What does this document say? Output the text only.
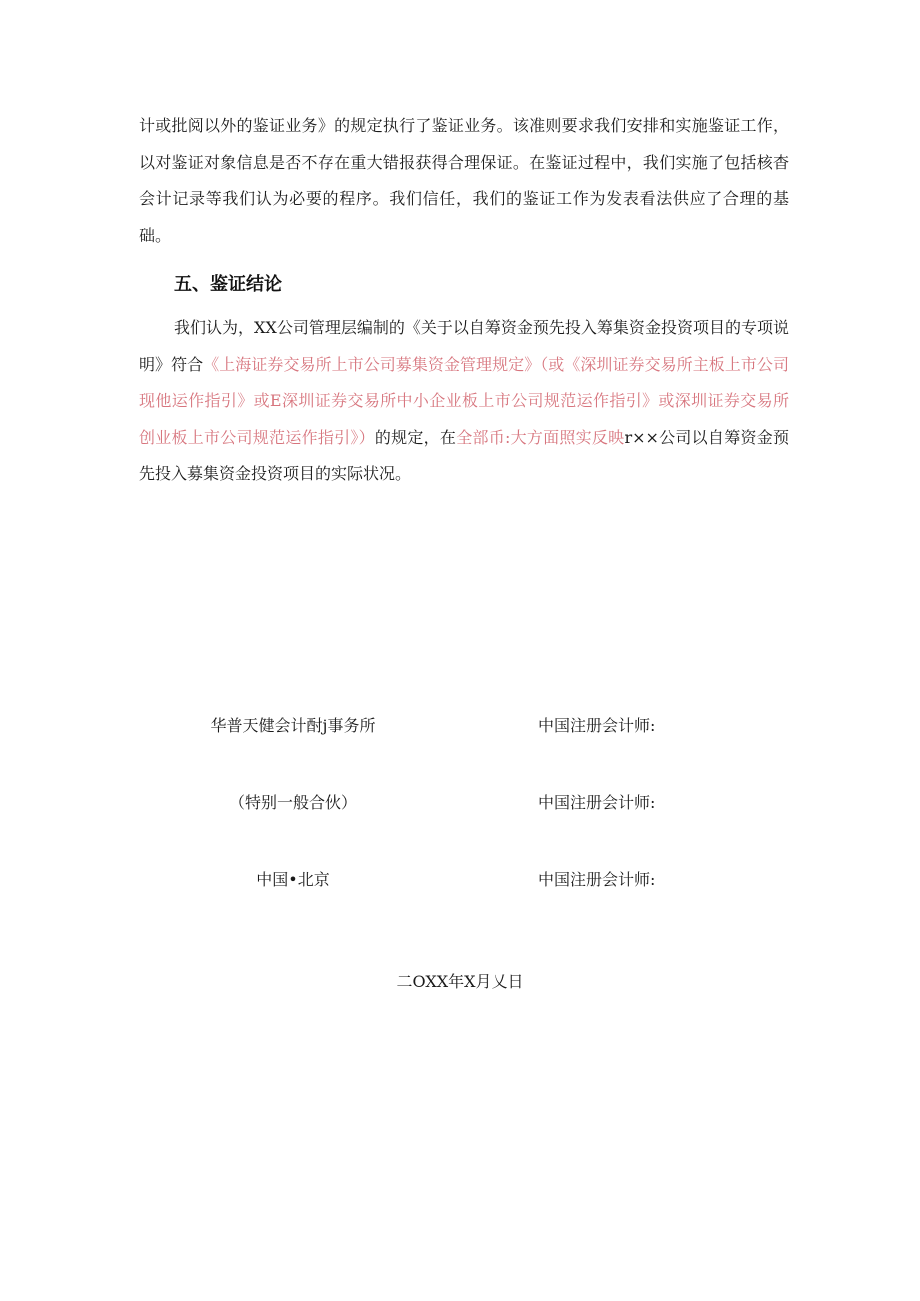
计或批阅以外的鉴证业务》的规定执行了鉴证业务。该准则要求我们安排和实施鉴证工作，以对鉴证对象信息是否不存在重大错报获得合理保证。在鉴证过程中，我们实施了包括核杳会计记录等我们认为必要的程序。我们信任，我们的鉴证工作为发表看法供应了合理的基础。

五、鉴证结论

我们认为，XX公司管理层编制的《关于以自筹资金预先投入筹集资金投资项目的专项说明》符合《上海证券交易所上市公司募集资金管理规定》（或《深圳证券交易所主板上市公司现他运作指引》或E深圳证券交易所中小企业板上市公司规范运作指引》或深圳证券交易所创业板上市公司规范运作指引》）的规定，在全部币:大方面照实反映r××公司以自筹资金预先投入募集资金投资项目的实际状况。

华普天健会计酎j事务所	中国注册会计师:
（特别一般合伙）	中国注册会计师:
中国•北京	中国注册会计师:
二OXX年X月乂日
